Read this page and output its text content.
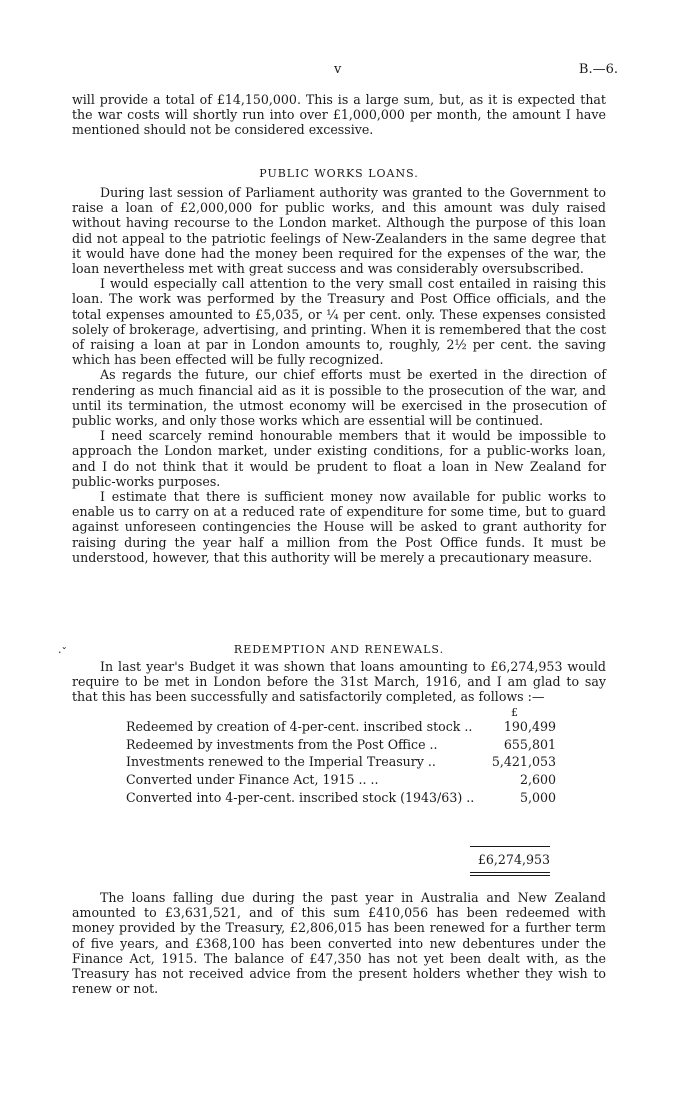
v	B.—6.

will provide a total of £14,150,000. This is a large sum, but, as it is expected that the war costs will shortly run into over £1,000,000 per month, the amount I have mentioned should not be considered excessive.

PUBLIC WORKS LOANS.

During last session of Parliament authority was granted to the Government to raise a loan of £2,000,000 for public works, and this amount was duly raised without having recourse to the London market. Although the purpose of this loan did not appeal to the patriotic feelings of New-Zealanders in the same degree that it would have done had the money been required for the expenses of the war, the loan nevertheless met with great success and was considerably oversubscribed.

I would especially call attention to the very small cost entailed in raising this loan. The work was performed by the Treasury and Post Office officials, and the total expenses amounted to £5,035, or ¼ per cent. only. These expenses consisted solely of brokerage, advertising, and printing. When it is remembered that the cost of raising a loan at par in London amounts to, roughly, 2½ per cent. the saving which has been effected will be fully recognized.

As regards the future, our chief efforts must be exerted in the direction of rendering as much financial aid as it is possible to the prosecution of the war, and until its termination, the utmost economy will be exercised in the prosecution of public works, and only those works which are essential will be continued.

I need scarcely remind honourable members that it would be impossible to approach the London market, under existing conditions, for a public-works loan, and I do not think that it would be prudent to float a loan in New Zealand for public-works purposes.

I estimate that there is sufficient money now available for public works to enable us to carry on at a reduced rate of expenditure for some time, but to guard against unforeseen contingencies the House will be asked to grant authority for raising during the year half a million from the Post Office funds. It must be understood, however, that this authority will be merely a precautionary measure.

·ˇ	REDEMPTION AND RENEWALS.

In last year's Budget it was shown that loans amounting to £6,274,953 would require to be met in London before the 31st March, 1916, and I am glad to say that this has been successfully and satisfactorily completed, as follows :—

£
Redeemed by creation of 4-per-cent. inscribed stock ..	190,499
Redeemed by investments from the Post Office ..	655,801
Investments renewed to the Imperial Treasury ..	5,421,053
Converted under Finance Act, 1915 .. ..	2,600
Converted into 4-per-cent. inscribed stock (1943/63) ..	5,000
£6,274,953

The loans falling due during the past year in Australia and New Zealand amounted to £3,631,521, and of this sum £410,056 has been redeemed with money provided by the Treasury, £2,806,015 has been renewed for a further term of five years, and £368,100 has been converted into new debentures under the Finance Act, 1915. The balance of £47,350 has not yet been dealt with, as the Treasury has not received advice from the present holders whether they wish to renew or not.
